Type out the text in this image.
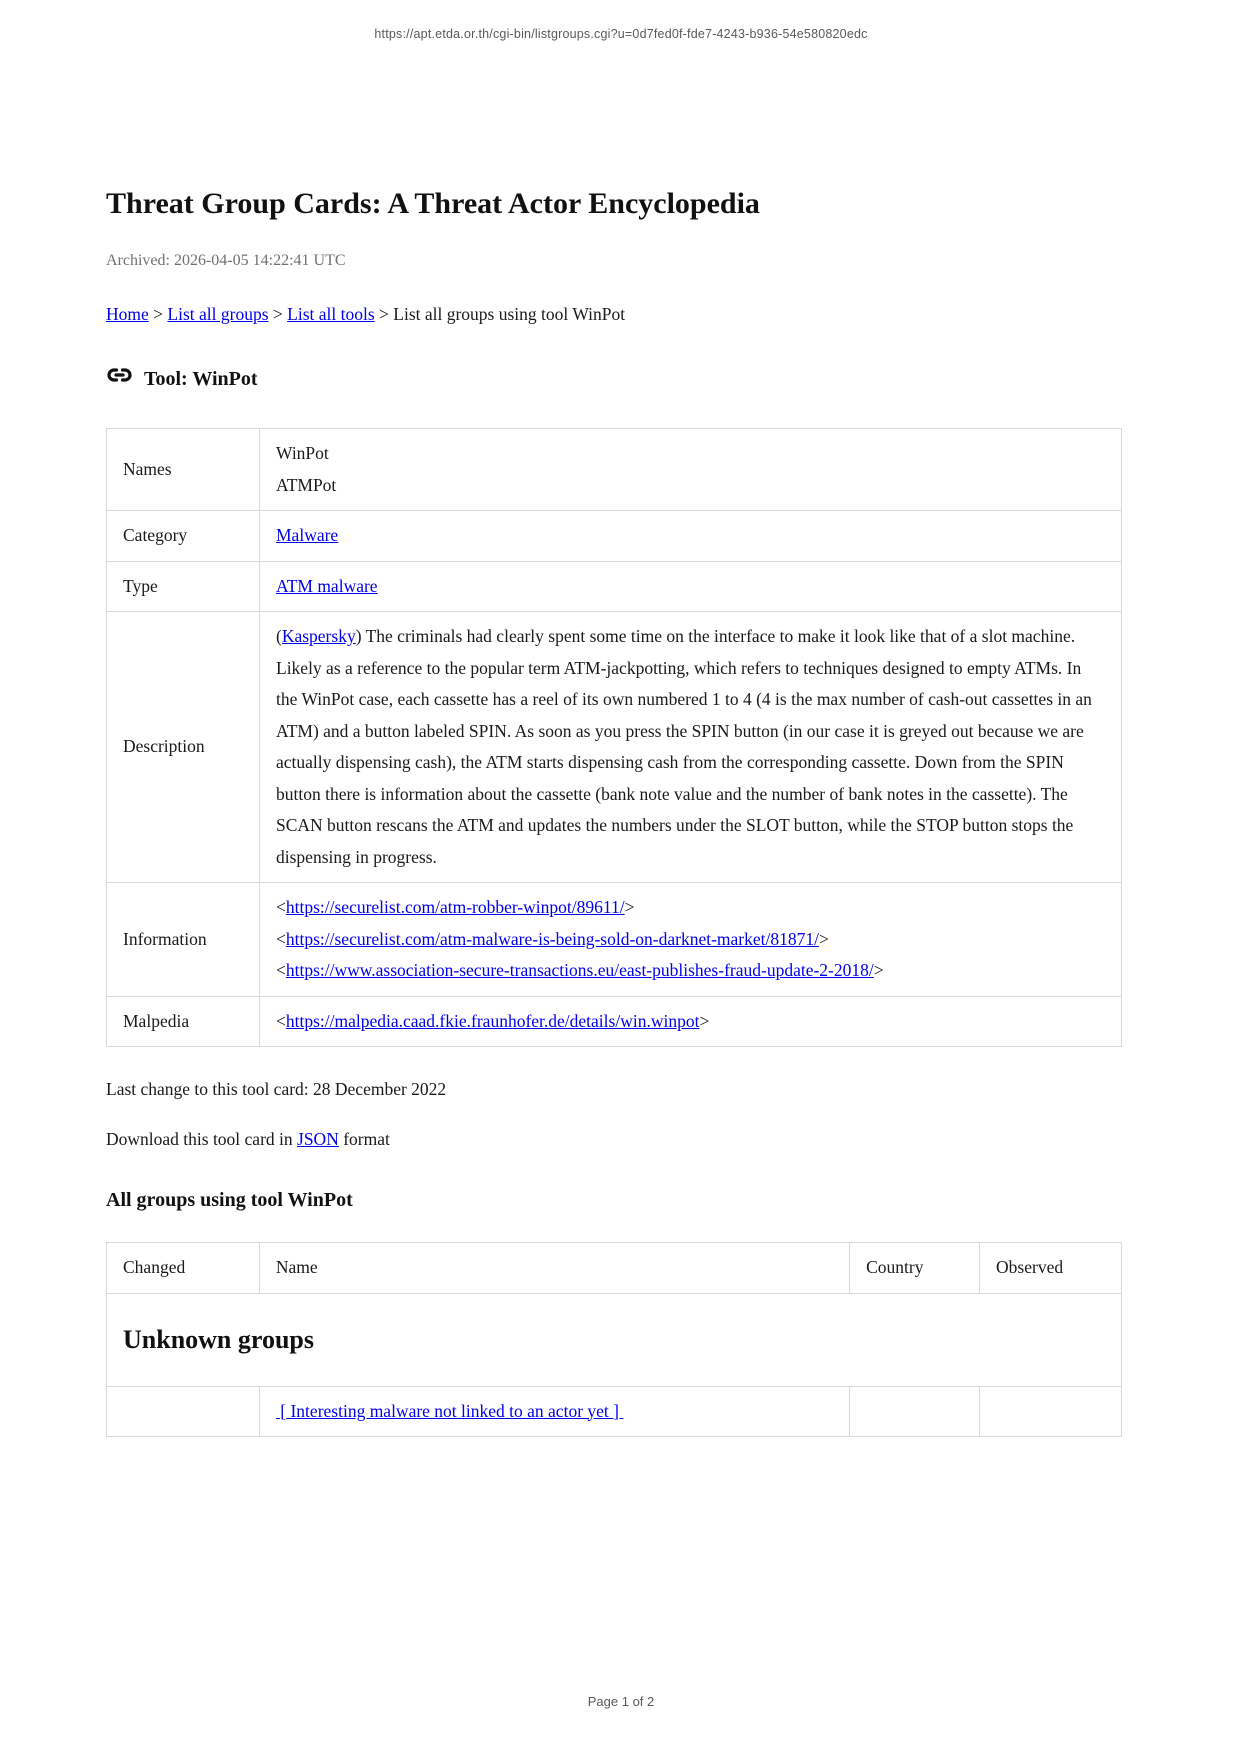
https://apt.etda.or.th/cgi-bin/listgroups.cgi?u=0d7fed0f-fde7-4243-b936-54e580820edc
Threat Group Cards: A Threat Actor Encyclopedia

Archived: 2026-04-05 14:22:41 UTC

Home > List all groups > List all tools > List all groups using tool WinPot
Tool: WinPot
Names	WinPot
ATMPot

Category	Malware
Type	ATM malware
Description	(Kaspersky) The criminals had clearly spent some time on the interface to make it look like that of a slot machine. Likely as a reference to the popular term ATM-jackpotting, which refers to techniques designed to empty ATMs. In the WinPot case, each cassette has a reel of its own numbered 1 to 4 (4 is the max number of cash-out cassettes in an ATM) and a button labeled SPIN. As soon as you press the SPIN button (in our case it is greyed out because we are actually dispensing cash), the ATM starts dispensing cash from the corresponding cassette. Down from the SPIN button there is information about the cassette (bank note value and the number of bank notes in the cassette). The SCAN button rescans the ATM and updates the numbers under the SLOT button, while the STOP button stops the dispensing in progress.
Information	<https://securelist.com/atm-robber-winpot/89611/>
<https://securelist.com/atm-malware-is-being-sold-on-darknet-market/81871/>
<https://www.association-secure-transactions.eu/east-publishes-fraud-update-2-2018/>

Malpedia	<https://malpedia.caad.fkie.fraunhofer.de/details/win.winpot>

Last change to this tool card: 28 December 2022

Download this tool card in JSON format

All groups using tool WinPot
Changed	Name	Country	Observed
Unknown groups			
	[ Interesting malware not linked to an actor yet ]		
Page 1 of 2
